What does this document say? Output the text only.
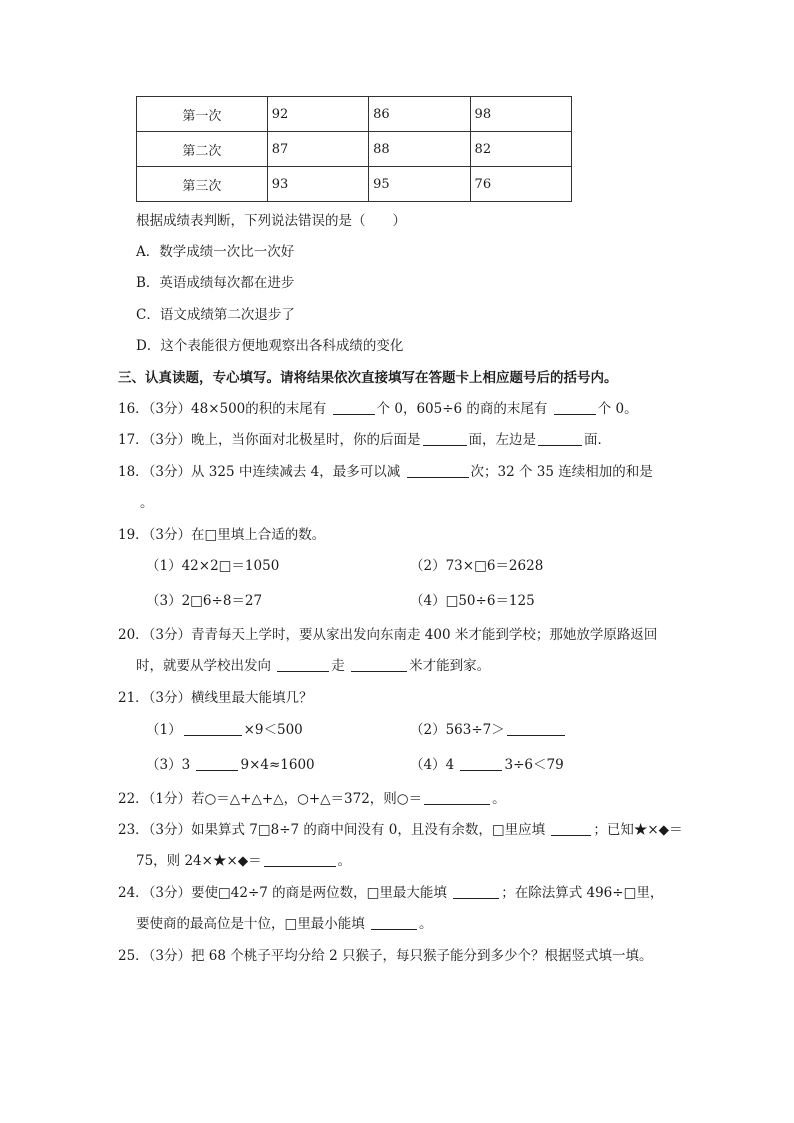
第一次	92	86	98
第二次	87	88	82
第三次	93	95	76
根据成绩表判断，下列说法错误的是（　　）
A．数学成绩一次比一次好
B．英语成绩每次都在进步
C．语文成绩第二次退步了
D．这个表能很方便地观察出各科成绩的变化
三、认真读题，专心填写。请将结果依次直接填写在答题卡上相应题号后的括号内。
16．（3分）48×500的积的末尾有	个 0，605÷6 的商的末尾有	个 0。
17．（3分）晚上，当你面对北极星时，你的后面是	面，左边是	面．
18．（3分）从 325 中连续减去 4，最多可以减	次；32 个 35 连续相加的和是
。
19．（3分）在□里填上合适的数。
（1）42×2□＝1050	（2）73×□6＝2628
（3）2□6÷8＝27	（4）□50÷6＝125
20．（3分）青青每天上学时，要从家出发向东南走 400 米才能到学校；那她放学原路返回
时，就要从学校出发向	走	米才能到家。
21．（3分）横线里最大能填几？
（1）	×9＜500	（2）563÷7＞
（3）3	9×4≈1600	（4）4	3÷6＜79
22．（1分）若○＝△+△+△，○+△＝372，则○＝	。
23．（3分）如果算式 7□8÷7 的商中间没有 0，且没有余数，□里应填	；已知★×◆＝
75，则 24×★×◆＝	。
24．（3分）要使□42÷7 的商是两位数，□里最大能填	；在除法算式 496÷□里，
要使商的最高位是十位，□里最小能填	。
25．（3分）把 68 个桃子平均分给 2 只猴子，每只猴子能分到多少个？根据竖式填一填。
